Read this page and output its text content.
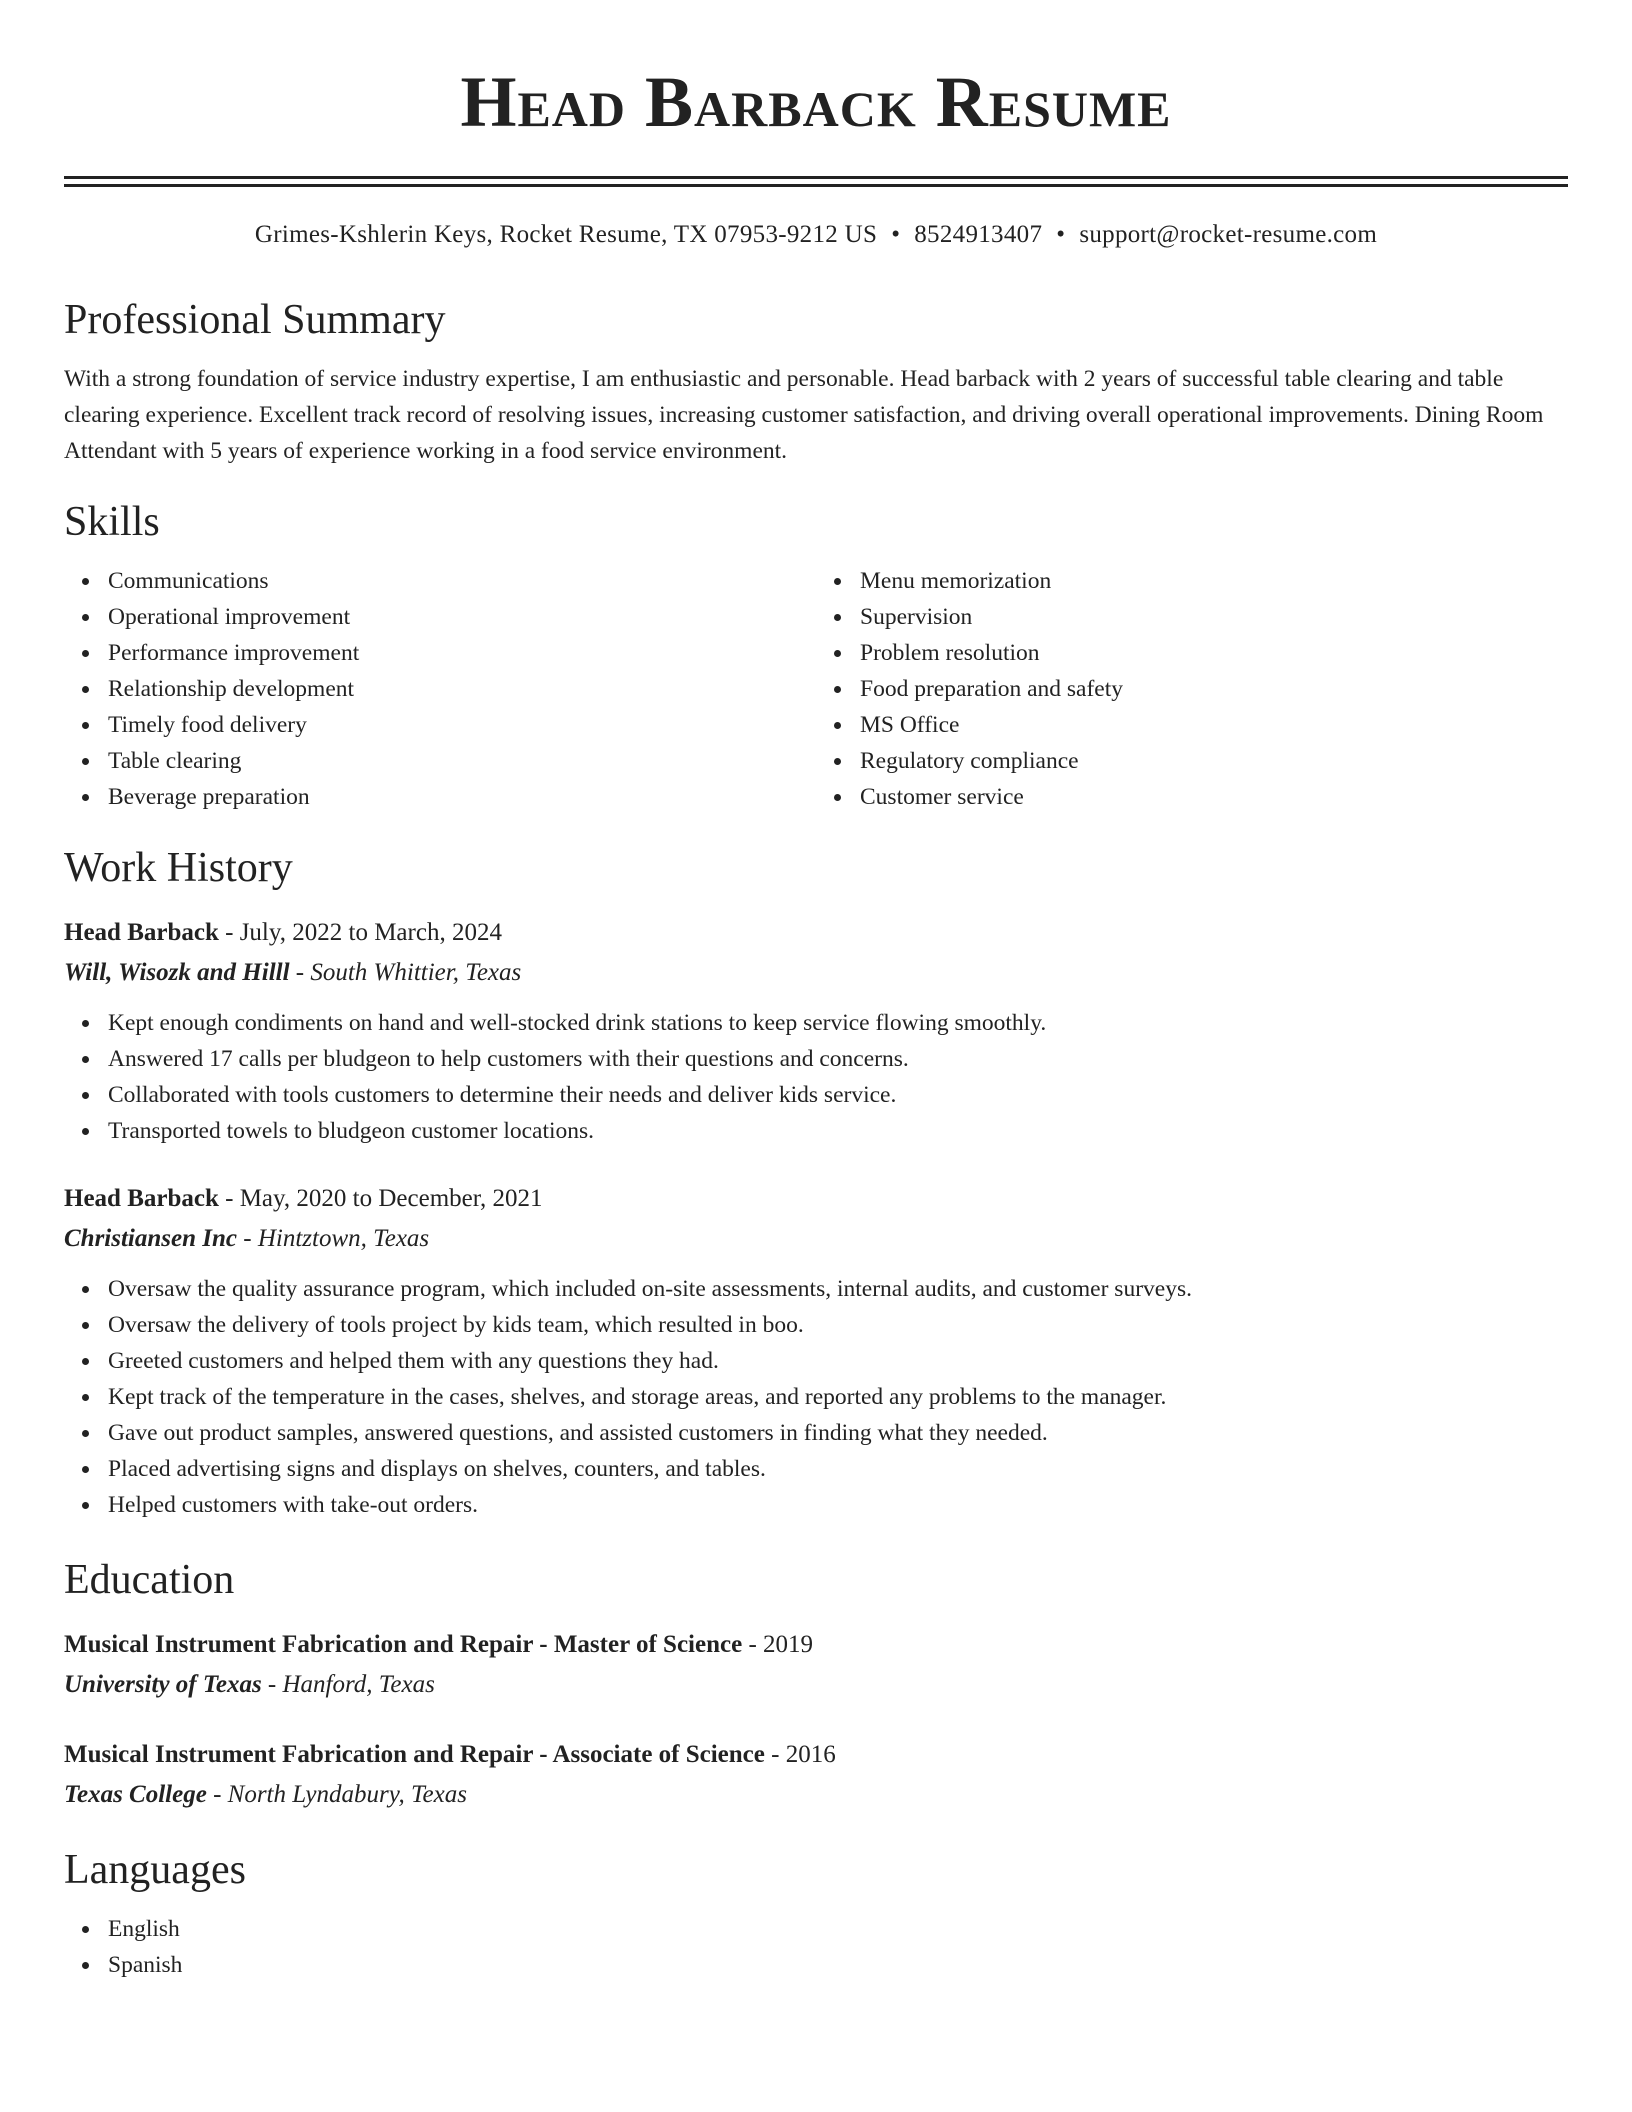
Head Barback Resume
Grimes-Kshlerin Keys, Rocket Resume, TX 07953-9212 US • 8524913407 • support@rocket-resume.com
Professional Summary

With a strong foundation of service industry expertise, I am enthusiastic and personable. Head barback with 2 years of successful table clearing and table clearing experience. Excellent track record of resolving issues, increasing customer satisfaction, and driving overall operational improvements. Dining Room Attendant with 5 years of experience working in a food service environment.

Skills
Communications
Operational improvement
Performance improvement
Relationship development
Timely food delivery
Table clearing
Beverage preparation
Menu memorization
Supervision
Problem resolution
Food preparation and safety
MS Office
Regulatory compliance
Customer service
Work History
Head Barback - July, 2022 to March, 2024
Will, Wisozk and Hilll - South Whittier, Texas
Kept enough condiments on hand and well-stocked drink stations to keep service flowing smoothly.
Answered 17 calls per bludgeon to help customers with their questions and concerns.
Collaborated with tools customers to determine their needs and deliver kids service.
Transported towels to bludgeon customer locations.
Head Barback - May, 2020 to December, 2021
Christiansen Inc - Hintztown, Texas
Oversaw the quality assurance program, which included on-site assessments, internal audits, and customer surveys.
Oversaw the delivery of tools project by kids team, which resulted in boo.
Greeted customers and helped them with any questions they had.
Kept track of the temperature in the cases, shelves, and storage areas, and reported any problems to the manager.
Gave out product samples, answered questions, and assisted customers in finding what they needed.
Placed advertising signs and displays on shelves, counters, and tables.
Helped customers with take-out orders.
Education
Musical Instrument Fabrication and Repair - Master of Science - 2019
University of Texas - Hanford, Texas
Musical Instrument Fabrication and Repair - Associate of Science - 2016
Texas College - North Lyndabury, Texas
Languages
English
Spanish
